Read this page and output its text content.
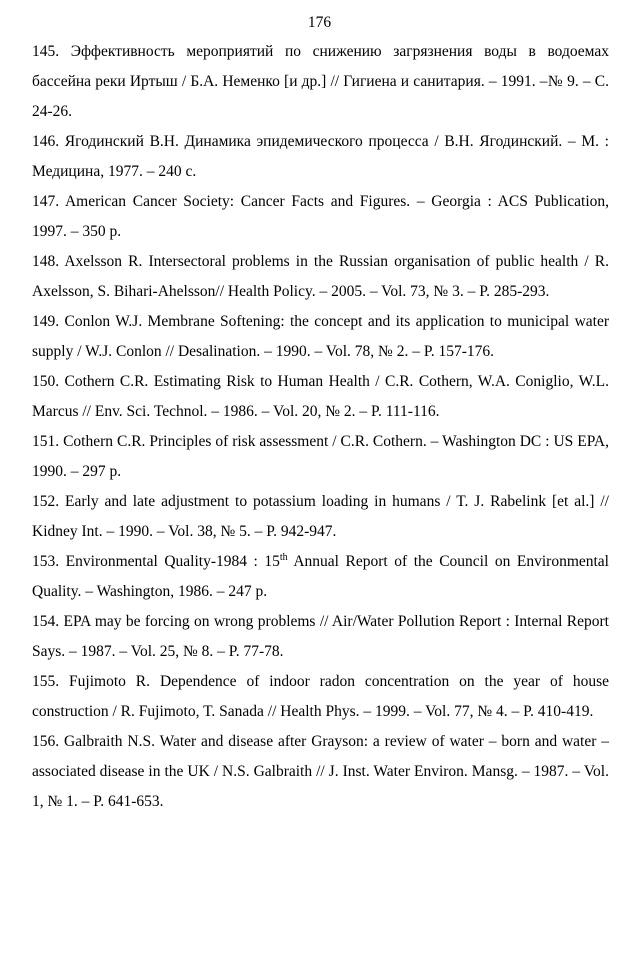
176

145. Эффективность мероприятий по снижению загрязнения воды в водоемах бассейна реки Иртыш / Б.А. Неменко [и др.] // Гигиена и санитария. – 1991. –№ 9. – С. 24-26.

146. Ягодинский В.Н. Динамика эпидемического процесса / В.Н. Ягодинский. – М. : Медицина, 1977. – 240 с.

147. American Cancer Society: Cancer Facts and Figures. – Georgia : ACS Publication, 1997. – 350 p.

148. Axelsson R. Intersectoral problems in the Russian organisation of public health / R. Axelsson, S. Bihari-Ahelsson// Health Policy. – 2005. – Vol. 73, № 3. – P. 285-293.

149. Conlon W.J. Membrane Softening: the concept and its application to municipal water supply / W.J. Conlon // Desalination. – 1990. – Vol. 78, № 2. – P. 157-176.

150. Cothern C.R. Estimating Risk to Human Health / C.R. Cothern, W.A. Coniglio, W.L. Marcus // Env. Sci. Technol. – 1986. – Vol. 20, № 2. – P. 111-116.

151. Cothern C.R. Principles of risk assessment / C.R. Cothern. – Washington DC : US EPA, 1990. – 297 p.

152. Early and late adjustment to potassium loading in humans / T. J. Rabelink [et al.] // Kidney Int. – 1990. – Vol. 38, № 5. – P. 942-947.

153. Environmental Quality-1984 : 15th Annual Report of the Council on Environmental Quality. – Washington, 1986. – 247 p.

154. EPA may be forcing on wrong problems // Air/Water Pollution Report : Internal Report Says. – 1987. – Vol. 25, № 8. – P. 77-78.

155. Fujimoto R. Dependence of indoor radon concentration on the year of house construction / R. Fujimoto, T. Sanada // Health Phys. – 1999. – Vol. 77, № 4. – P. 410-419.

156. Galbraith N.S. Water and disease after Grayson: a review of water – born and water – associated disease in the UK / N.S. Galbraith // J. Inst. Water Environ. Mansg. – 1987. – Vol. 1, № 1. – P. 641-653.
